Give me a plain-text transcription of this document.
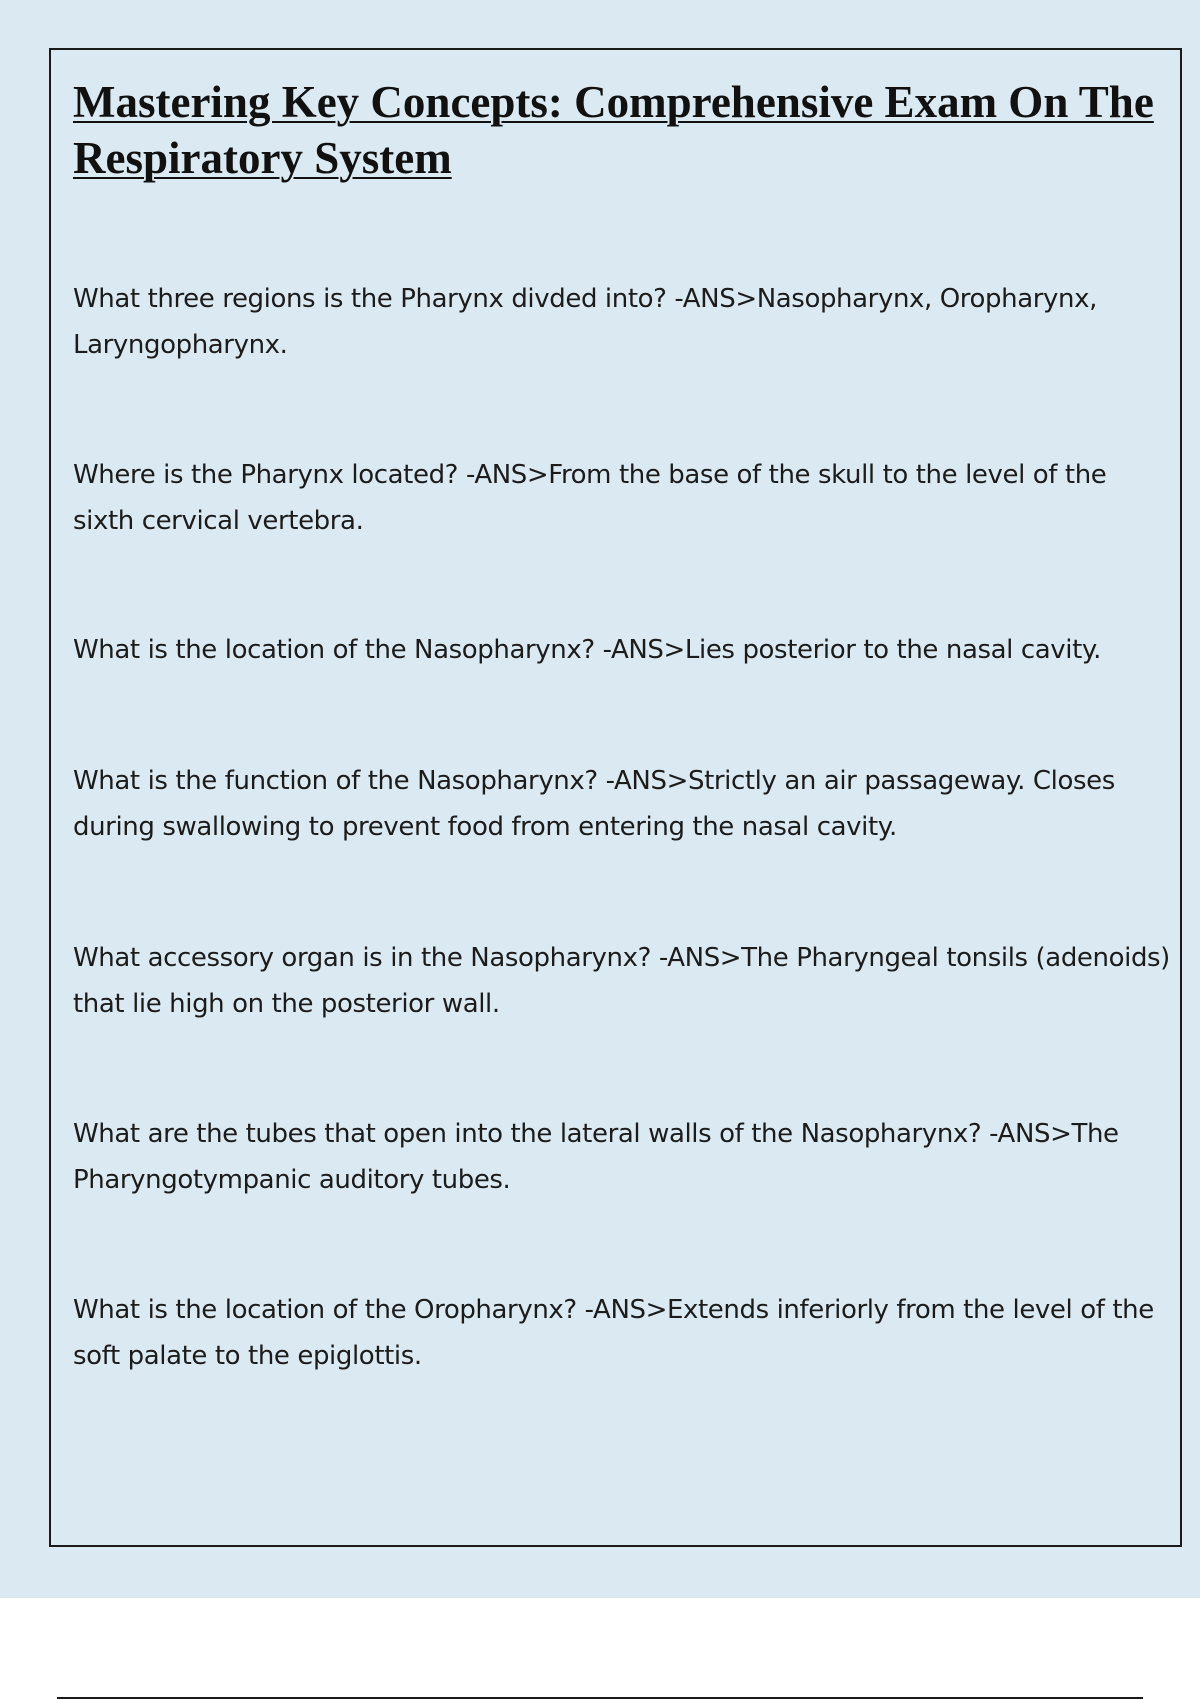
Mastering Key Concepts: Comprehensive Exam On The Respiratory System

What three regions is the Pharynx divded into? -ANS>Nasopharynx, Oropharynx, Laryngopharynx.

Where is the Pharynx located? -ANS>From the base of the skull to the level of the sixth cervical vertebra.

What is the location of the Nasopharynx? -ANS>Lies posterior to the nasal cavity.

What is the function of the Nasopharynx? -ANS>Strictly an air passageway. Closes during swallowing to prevent food from entering the nasal cavity.

What accessory organ is in the Nasopharynx? -ANS>The Pharyngeal tonsils (adenoids) that lie high on the posterior wall.

What are the tubes that open into the lateral walls of the Nasopharynx? -ANS>The Pharyngotympanic auditory tubes.

What is the location of the Oropharynx? -ANS>Extends inferiorly from the level of the soft palate to the epiglottis.
